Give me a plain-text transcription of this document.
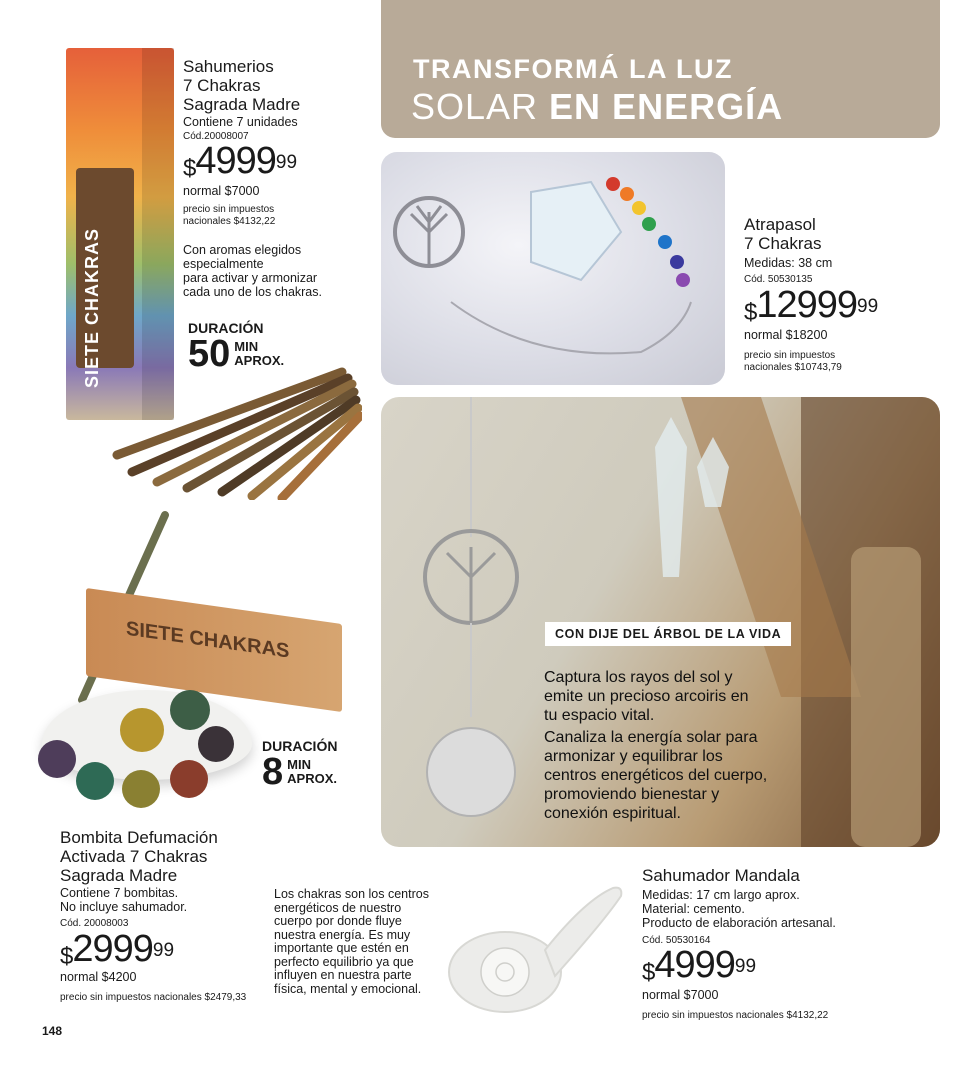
TRANSFORMÁ LA LUZ
SOLAR EN ENERGÍA
SIETE CHAKRAS
Sahumerios
7 Chakras
Sagrada Madre
Contiene 7 unidades
Cód.20008007
$4999$^{99}$
normal $7000
precio sin impuestos
nacionales $4132,22
Con aromas elegidos
especialmente
para activar y armonizar
cada uno de los chakras.
DURACIÓN
50 MIN
APROX.
Atrapasol
7 Chakras
Medidas: 38 cm
Cód. 50530135
$12999$^{99}$
normal $18200
precio sin impuestos
nacionales $10743,79
CON DIJE DEL ÁRBOL DE LA VIDA

Captura los rayos del sol y
emite un precioso arcoiris en
tu espacio vital.

Canaliza la energía solar para
armonizar y equilibrar los
centros energéticos del cuerpo,
promoviendo bienestar y
conexión espiritual.

SIETE CHAKRAS
DURACIÓN
8 MIN
APROX.
Bombita Defumación
Activada 7 Chakras
Sagrada Madre
Contiene 7 bombitas.
No incluye sahumador.
Cód. 20008003
$2999$^{99}$
normal $4200
precio sin impuestos nacionales $2479,33
Los chakras son los centros
energéticos de nuestro
cuerpo por donde fluye
nuestra energía. Es muy
importante que estén en
perfecto equilibrio ya que
influyen en nuestra parte
física, mental y emocional.
Sahumador Mandala
Medidas: 17 cm largo aprox.
Material: cemento.
Producto de elaboración artesanal.
Cód. 50530164
$4999$^{99}$
normal $7000
precio sin impuestos nacionales $4132,22
148
